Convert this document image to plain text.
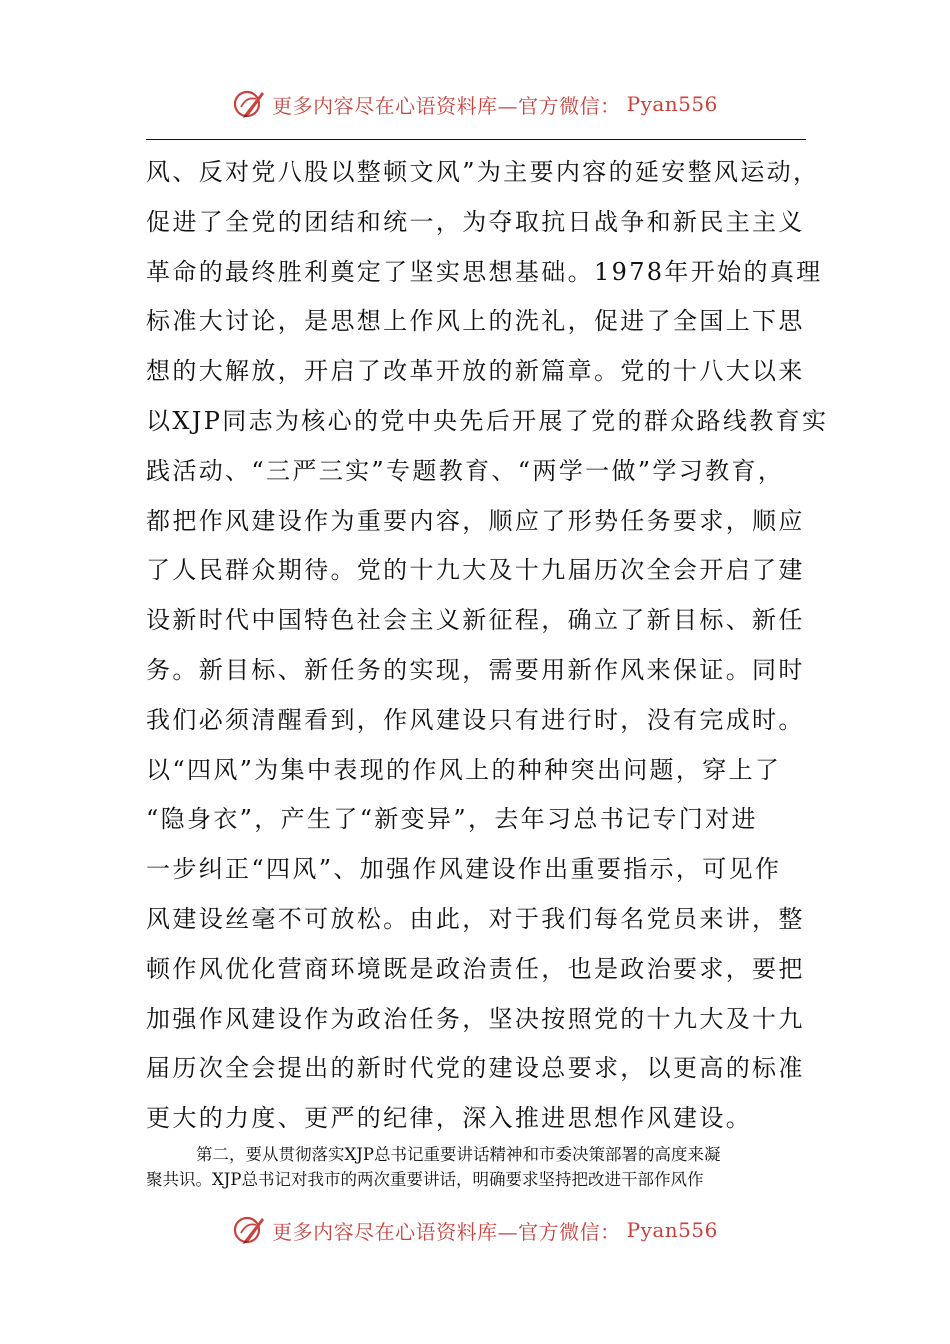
更多内容尽在心语资料库—官方微信： Pyan556
风、反对党八股以整顿文风”为主要内容的延安整风运动，
促进了全党的团结和统一，为夺取抗日战争和新民主主义
革命的最终胜利奠定了坚实思想基础。1978年开始的真理
标准大讨论，是思想上作风上的洗礼，促进了全国上下思
想的大解放，开启了改革开放的新篇章。党的十八大以来
以XJP同志为核心的党中央先后开展了党的群众路线教育实
践活动、“三严三实”专题教育、“两学一做”学习教育，
都把作风建设作为重要内容，顺应了形势任务要求，顺应
了人民群众期待。党的十九大及十九届历次全会开启了建
设新时代中国特色社会主义新征程，确立了新目标、新任
务。新目标、新任务的实现，需要用新作风来保证。同时
我们必须清醒看到，作风建设只有进行时，没有完成时。
以“四风”为集中表现的作风上的种种突出问题，穿上了
“隐身衣”，产生了“新变异”，去年习总书记专门对进
一步纠正“四风”、加强作风建设作出重要指示，可见作
风建设丝毫不可放松。由此，对于我们每名党员来讲，整
顿作风优化营商环境既是政治责任，也是政治要求，要把
加强作风建设作为政治任务，坚决按照党的十九大及十九
届历次全会提出的新时代党的建设总要求，以更高的标准
更大的力度、更严的纪律，深入推进思想作风建设。
第二，要从贯彻落实XJP总书记重要讲话精神和市委决策部署的高度来凝
聚共识。XJP总书记对我市的两次重要讲话，明确要求坚持把改进干部作风作
更多内容尽在心语资料库—官方微信： Pyan556
